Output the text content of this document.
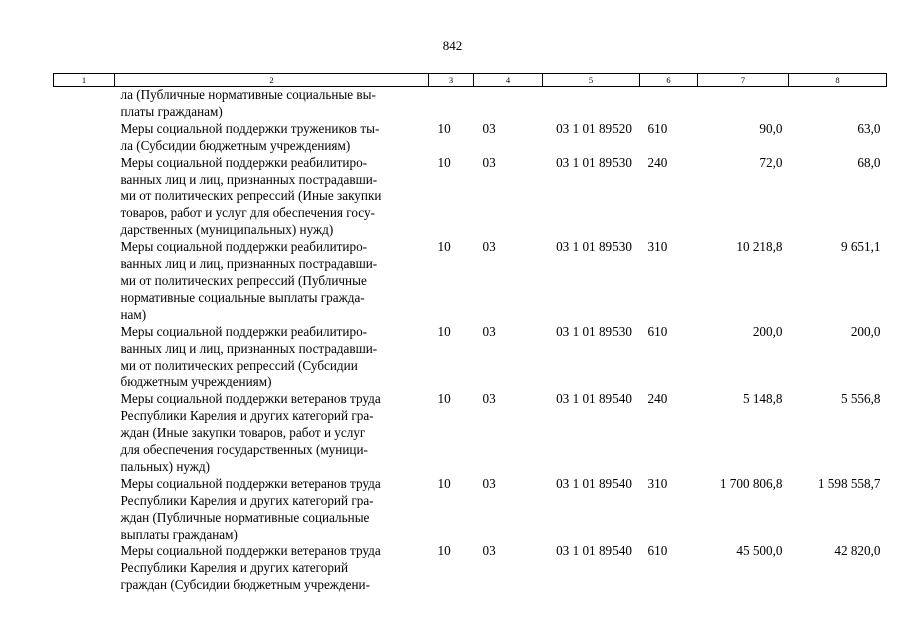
842
1	2	3	4	5	6	7	8

	ла (Публичные нормативные социальные вы-
платы гражданам)						

	Меры социальной поддержки тружеников ты-
ла (Субсидии бюджетным учреждениям)	10	03	03 1 01 89520	610	90,0	63,0

	Меры социальной поддержки реабилитиро-
ванных лиц и лиц, признанных пострадавши-
ми от политических репрессий (Иные закупки
товаров, работ и услуг для обеспечения госу-
дарственных (муниципальных) нужд)	10	03	03 1 01 89530	240	72,0	68,0

	Меры социальной поддержки реабилитиро-
ванных лиц и лиц, признанных пострадавши-
ми от политических репрессий (Публичные
нормативные социальные выплаты гражда-
нам)	10	03	03 1 01 89530	310	10 218,8	9 651,1

	Меры социальной поддержки реабилитиро-
ванных лиц и лиц, признанных пострадавши-
ми от политических репрессий (Субсидии
бюджетным учреждениям)	10	03	03 1 01 89530	610	200,0	200,0

	Меры социальной поддержки ветеранов труда
Республики Карелия и других категорий гра-
ждан (Иные закупки товаров, работ и услуг
для обеспечения государственных (муници-
пальных) нужд)	10	03	03 1 01 89540	240	5 148,8	5 556,8

	Меры социальной поддержки ветеранов труда
Республики Карелия и других категорий гра-
ждан (Публичные нормативные социальные
выплаты гражданам)	10	03	03 1 01 89540	310	1 700 806,8	1 598 558,7

	Меры социальной поддержки ветеранов труда
Республики Карелия и других категорий
граждан (Субсидии бюджетным учреждени-	10	03	03 1 01 89540	610	45 500,0	42 820,0
